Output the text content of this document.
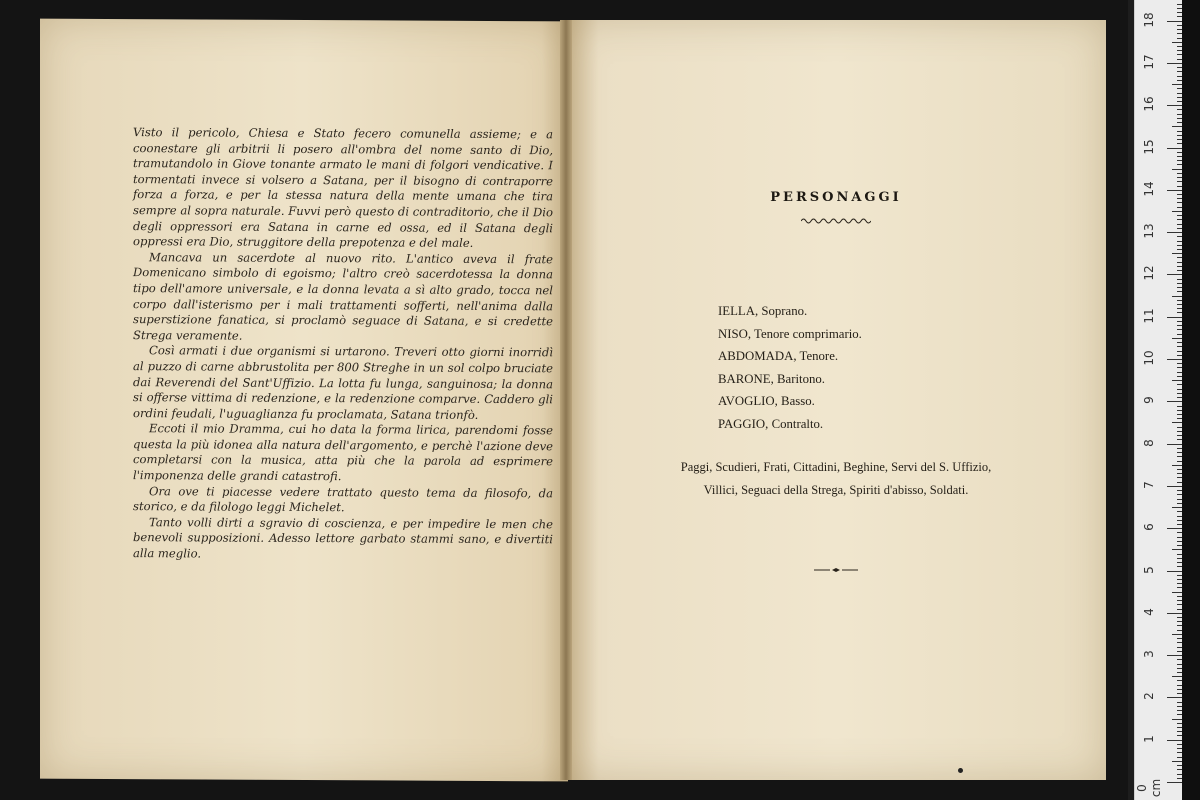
Visto il pericolo, Chiesa e Stato fecero comunella assieme; e a coonestare gli arbitrii li posero all'ombra del nome santo di Dio, tramutandolo in Giove tonante armato le mani di folgori vendicative. I tormentati invece si volsero a Satana, per il bisogno di contraporre forza a forza, e per la stessa natura della mente umana che tira sempre al sopra naturale. Fuvvi però questo di contraditorio, che il Dio degli oppressori era Satana in carne ed ossa, ed il Satana degli oppressi era Dio, struggitore della prepotenza e del male.

Mancava un sacerdote al nuovo rito. L'antico aveva il frate Domenicano simbolo di egoismo; l'altro creò sacerdotessa la donna tipo dell'amore universale, e la donna levata a sì alto grado, tocca nel corpo dall'isterismo per i mali trattamenti sofferti, nell'anima dalla superstizione fanatica, si proclamò seguace di Satana, e si credette Strega veramente.

Così armati i due organismi si urtarono. Treveri otto giorni inorridì al puzzo di carne abbrustolita per 800 Streghe in un sol colpo bruciate dai Reverendi del Sant'Uffizio. La lotta fu lunga, sanguinosa; la donna si offerse vittima di redenzione, e la redenzione comparve. Caddero gli ordini feudali, l'uguaglianza fu proclamata, Satana trionfò.

Eccoti il mio Dramma, cui ho data la forma lirica, parendomi fosse questa la più idonea alla natura dell'argomento, e perchè l'azione deve completarsi con la musica, atta più che la parola ad esprimere l'imponenza delle grandi catastrofi.

Ora ove ti piacesse vedere trattato questo tema da filosofo, da storico, e da filologo leggi Michelet.

Tanto volli dirti a sgravio di coscienza, e per impedire le men che benevoli supposizioni. Adesso lettore garbato stammi sano, e divertiti alla meglio.

PERSONAGGI
IELLA, Soprano.
NISO, Tenore comprimario.
ABDOMADA, Tenore.
BARONE, Baritono.
AVOGLIO, Basso.
PAGGIO, Contralto.
Paggi, Scudieri, Frati, Cittadini, Beghine, Servi del S. Uffizio,
Villici, Seguaci della Strega, Spiriti d'abisso, Soldati.
0 cm
1
2
3
4
5
6
7
8
9
10
11
12
13
14
15
16
17
18
